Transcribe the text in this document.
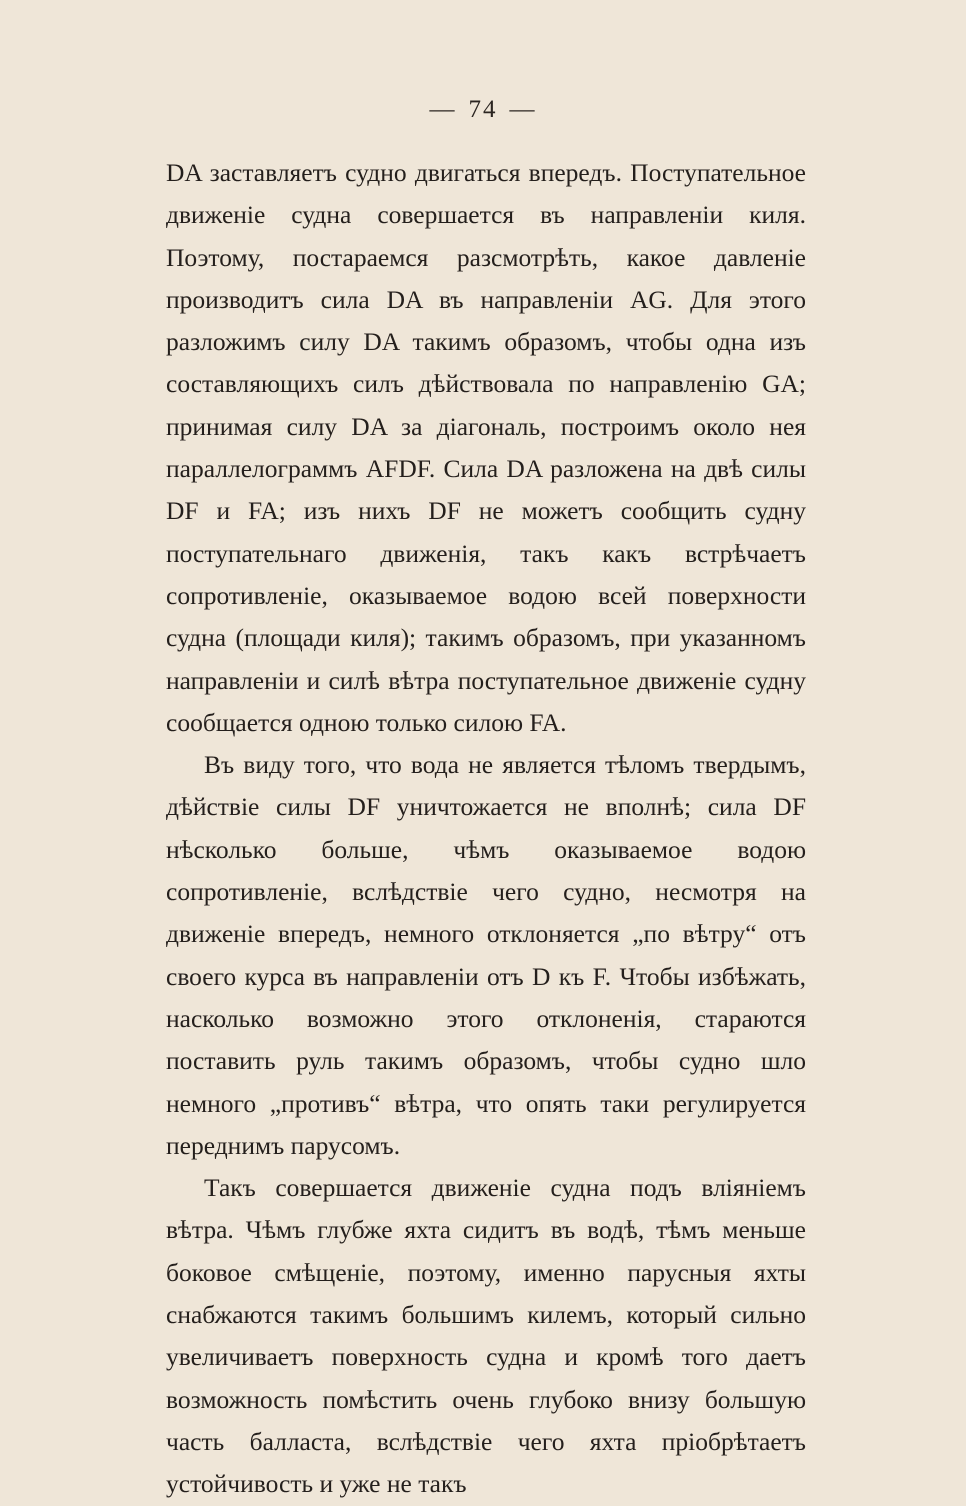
— 74 —

DA заставляетъ судно двигаться впередъ. Поступательное движеніе судна совершается въ направленіи киля. Поэтому, постараемся разсмотрѣть, какое давленіе производитъ сила DA въ направленіи AG. Для этого разложимъ силу DA такимъ образомъ, чтобы одна изъ составляющихъ силъ дѣйствовала по направленію GA; принимая силу DA за діагональ, построимъ около нея параллелограммъ AFDF. Сила DA разложена на двѣ силы DF и FA; изъ нихъ DF не можетъ сообщить судну поступательнаго движенія, такъ какъ встрѣчаетъ сопротивленіе, оказываемое водою всей поверхности судна (площади киля); такимъ образомъ, при указанномъ направленіи и силѣ вѣтра поступательное движеніе судну сообщается одною только силою FA.

Въ виду того, что вода не является тѣломъ твердымъ, дѣйствіе силы DF уничтожается не вполнѣ; сила DF нѣсколько больше, чѣмъ оказываемое водою сопротивленіе, вслѣдствіе чего судно, несмотря на движеніе впередъ, немного отклоняется „по вѣтру“ отъ своего курса въ направленіи отъ D къ F. Чтобы избѣжать, насколько возможно этого отклоненія, стараются поставить руль такимъ образомъ, чтобы судно шло немного „противъ“ вѣтра, что опять таки регулируется переднимъ парусомъ.

Такъ совершается движеніе судна подъ вліяніемъ вѣтра. Чѣмъ глубже яхта сидитъ въ водѣ, тѣмъ меньше боковое смѣщеніе, поэтому, именно парусныя яхты снабжаются такимъ большимъ килемъ, который сильно увеличиваетъ поверхность судна и кромѣ того даетъ возможность помѣстить очень глубоко внизу большую часть балласта, вслѣдствіе чего яхта пріобрѣтаетъ устойчивость и уже не такъ
